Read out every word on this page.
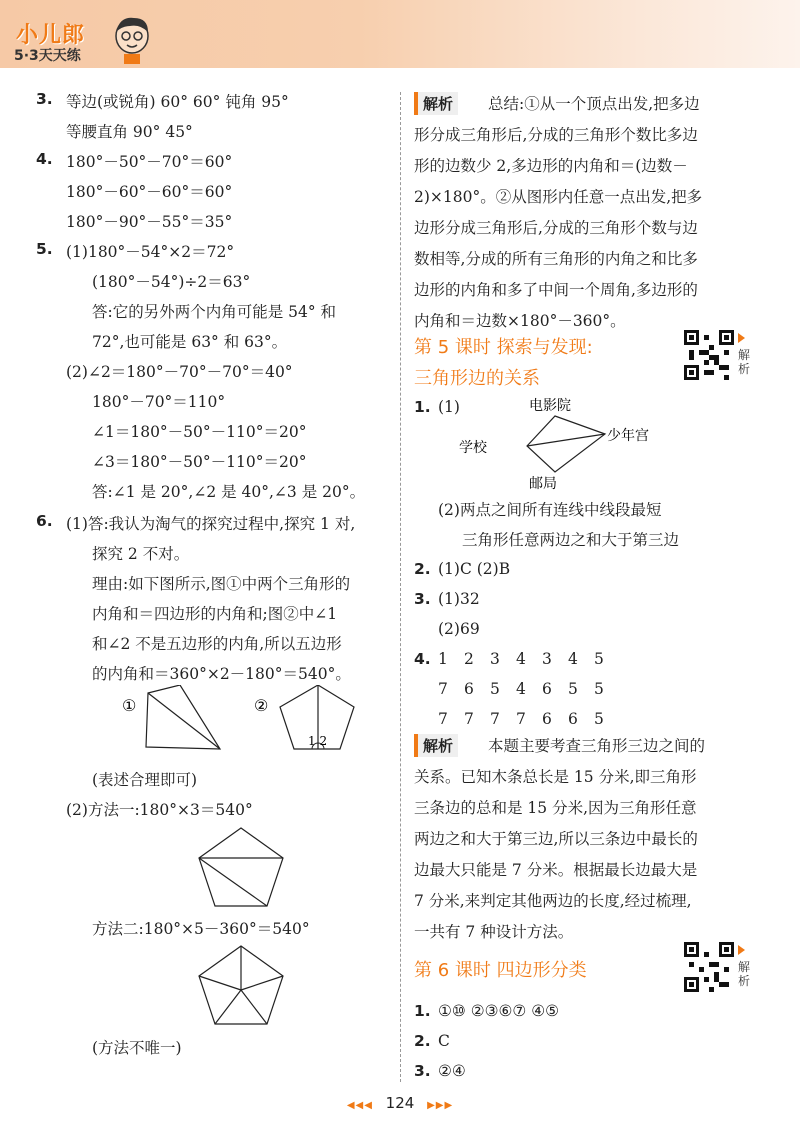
小儿郎
5·3天天练
3. 等边(或锐角) 60° 60° 钝角 95°
等腰直角 90° 45°
4. 180°－50°－70°＝60°
180°－60°－60°＝60°
180°－90°－55°＝35°
5. (1)180°－54°×2＝72°
(180°－54°)÷2＝63°
答:它的另外两个内角可能是 54° 和
72°,也可能是 63° 和 63°。
(2)∠2＝180°－70°－70°＝40°
180°－70°＝110°
∠1＝180°－50°－110°＝20°
∠3＝180°－50°－110°＝20°
答:∠1 是 20°,∠2 是 40°,∠3 是 20°。
6. (1)答:我认为淘气的探究过程中,探究 1 对,
探究 2 不对。
理由:如下图所示,图①中两个三角形的
内角和＝四边形的内角和;图②中∠1
和∠2 不是五边形的内角,所以五边形
的内角和＝360°×2－180°＝540°。
①	②
1 2
(表述合理即可)
(2)方法一:180°×3＝540°
方法二:180°×5－360°＝540°
(方法不唯一)
解析	总结:①从一个顶点出发,把多边
形分成三角形后,分成的三角形个数比多边
形的边数少 2,多边形的内角和＝(边数－
2)×180°。②从图形内任意一点出发,把多
边形分成三角形后,分成的三角形个数与边
数相等,分成的所有三角形的内角之和比多
边形的内角和多了中间一个周角,多边形的
内角和＝边数×180°－360°。
第 5 课时 探索与发现:
三角形边的关系
解析
1. (1)	电影院
少年宫
学校
邮局
(2)两点之间所有连线中线段最短
三角形任意两边之和大于第三边
2. (1)C (2)B
3. (1)32
(2)69
4. 1 2 3 4 3 4 5
7 6 5 4 6 5 5
7 7 7 7 6 6 5
解析	本题主要考查三角形三边之间的
关系。已知木条总长是 15 分米,即三角形
三条边的总和是 15 分米,因为三角形任意
两边之和大于第三边,所以三条边中最长的
边最大只能是 7 分米。根据最长边最大是
7 分米,来判定其他两边的长度,经过梳理,
一共有 7 种设计方法。
第 6 课时 四边形分类	解析
1. ①⑩ ②③⑥⑦ ④⑤
2. C
3. ②④
◀◀◀ 124 ▶▶▶
